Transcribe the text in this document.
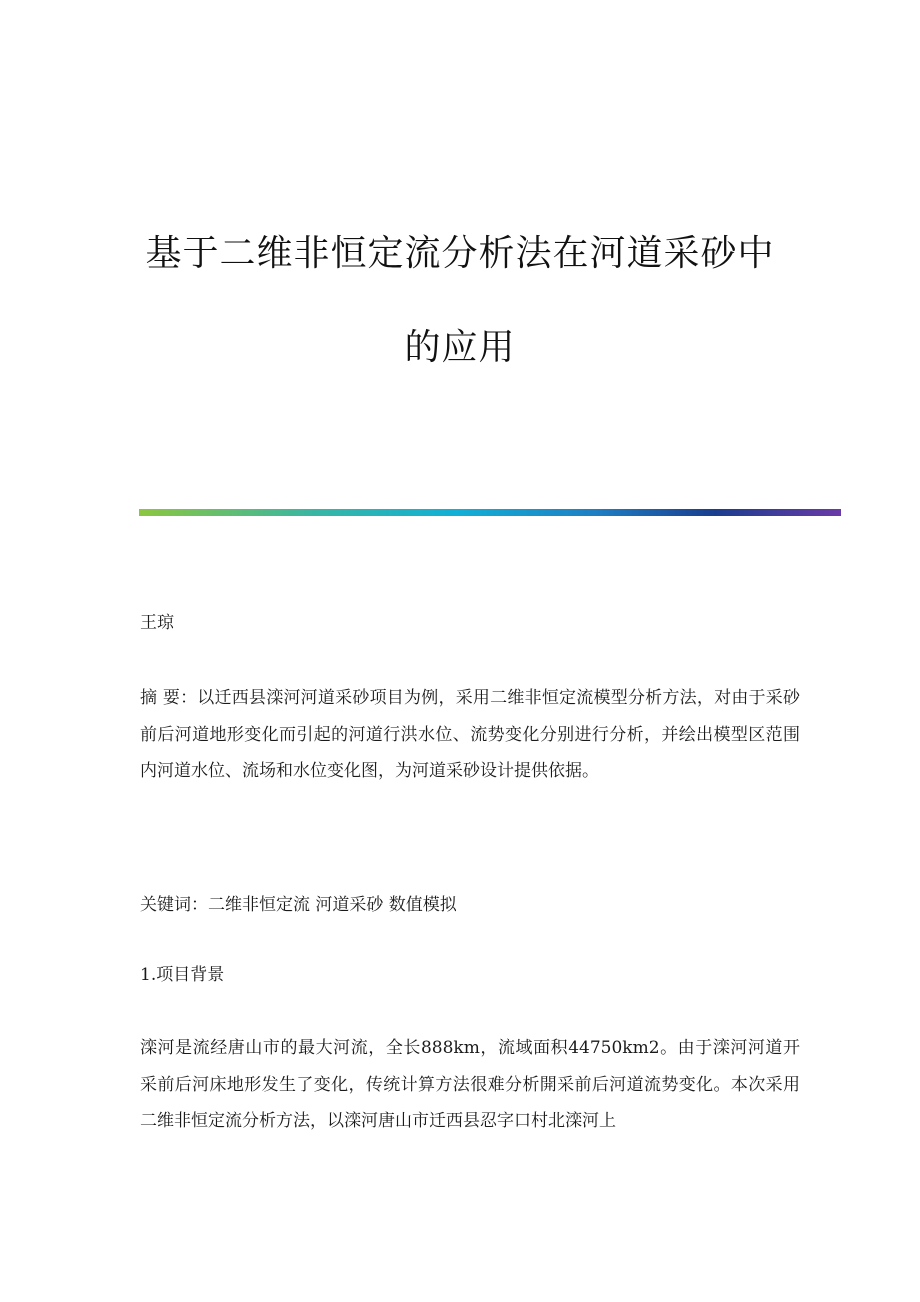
基于二维非恒定流分析法在河道采砂中
的应用

王琼

摘 要：以迁西县滦河河道采砂项目为例，采用二维非恒定流模型分析方法，对由于采砂前后河道地形变化而引起的河道行洪水位、流势变化分别进行分析，并绘出模型区范围内河道水位、流场和水位变化图，为河道采砂设计提供依据。

关键词：二维非恒定流 河道采砂 数值模拟

1.项目背景

滦河是流经唐山市的最大河流，全长888km，流域面积44750km2。由于滦河河道开采前后河床地形发生了变化，传统计算方法很难分析開采前后河道流势变化。本次采用二维非恒定流分析方法，以滦河唐山市迁西县忍字口村北滦河上
